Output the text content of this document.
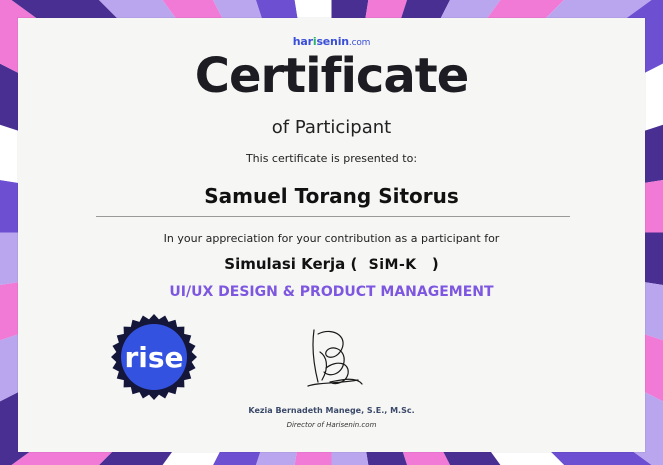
harisenin.com
Certificate
of Participant
This certificate is presented to:
Samuel Torang Sitorus
In your appreciation for your contribution as a participant for
Simulasi Kerja ( SiM-K )
UI/UX DESIGN & PRODUCT MANAGEMENT
rise
Kezia Bernadeth Manege, S.E., M.Sc.
Director of Harisenin.com
